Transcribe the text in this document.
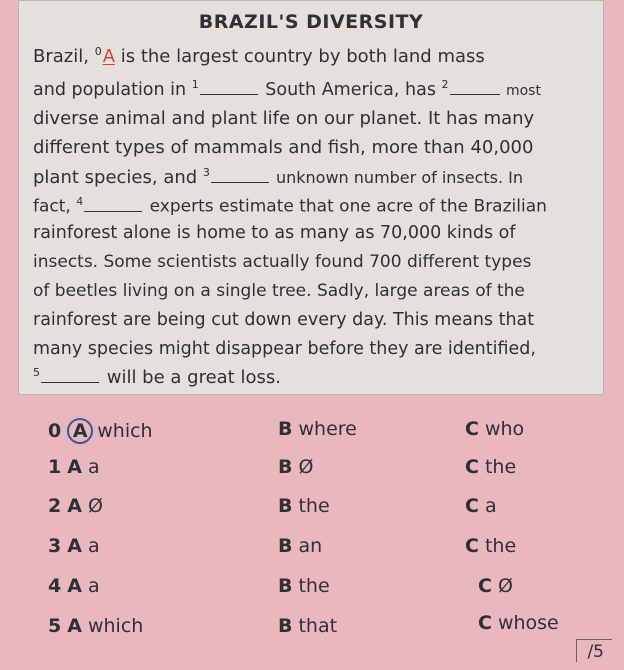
BRAZIL'S DIVERSITY
Brazil, $^0$A is the largest country by both land mass
and population in $^1$	South America, has $^2$	most
diverse animal and plant life on our planet. It has many
different types of mammals and fish, more than 40,000
plant species, and $^3$	unknown number of insects. In
fact, $^4$	experts estimate that one acre of the Brazilian
rainforest alone is home to as many as 70,000 kinds of
insects. Some scientists actually found 700 different types
of beetles living on a single tree. Sadly, large areas of the
rainforest are being cut down every day. This means that
many species might disappear before they are identified,
$^5$	will be a great loss.
0 A which	B where	C who
1 A a	B Ø	C the
2 A Ø	B the	C a
3 A a	B an	C the
4 A a	B the	C Ø
5 A which	B that	C whose
/5
